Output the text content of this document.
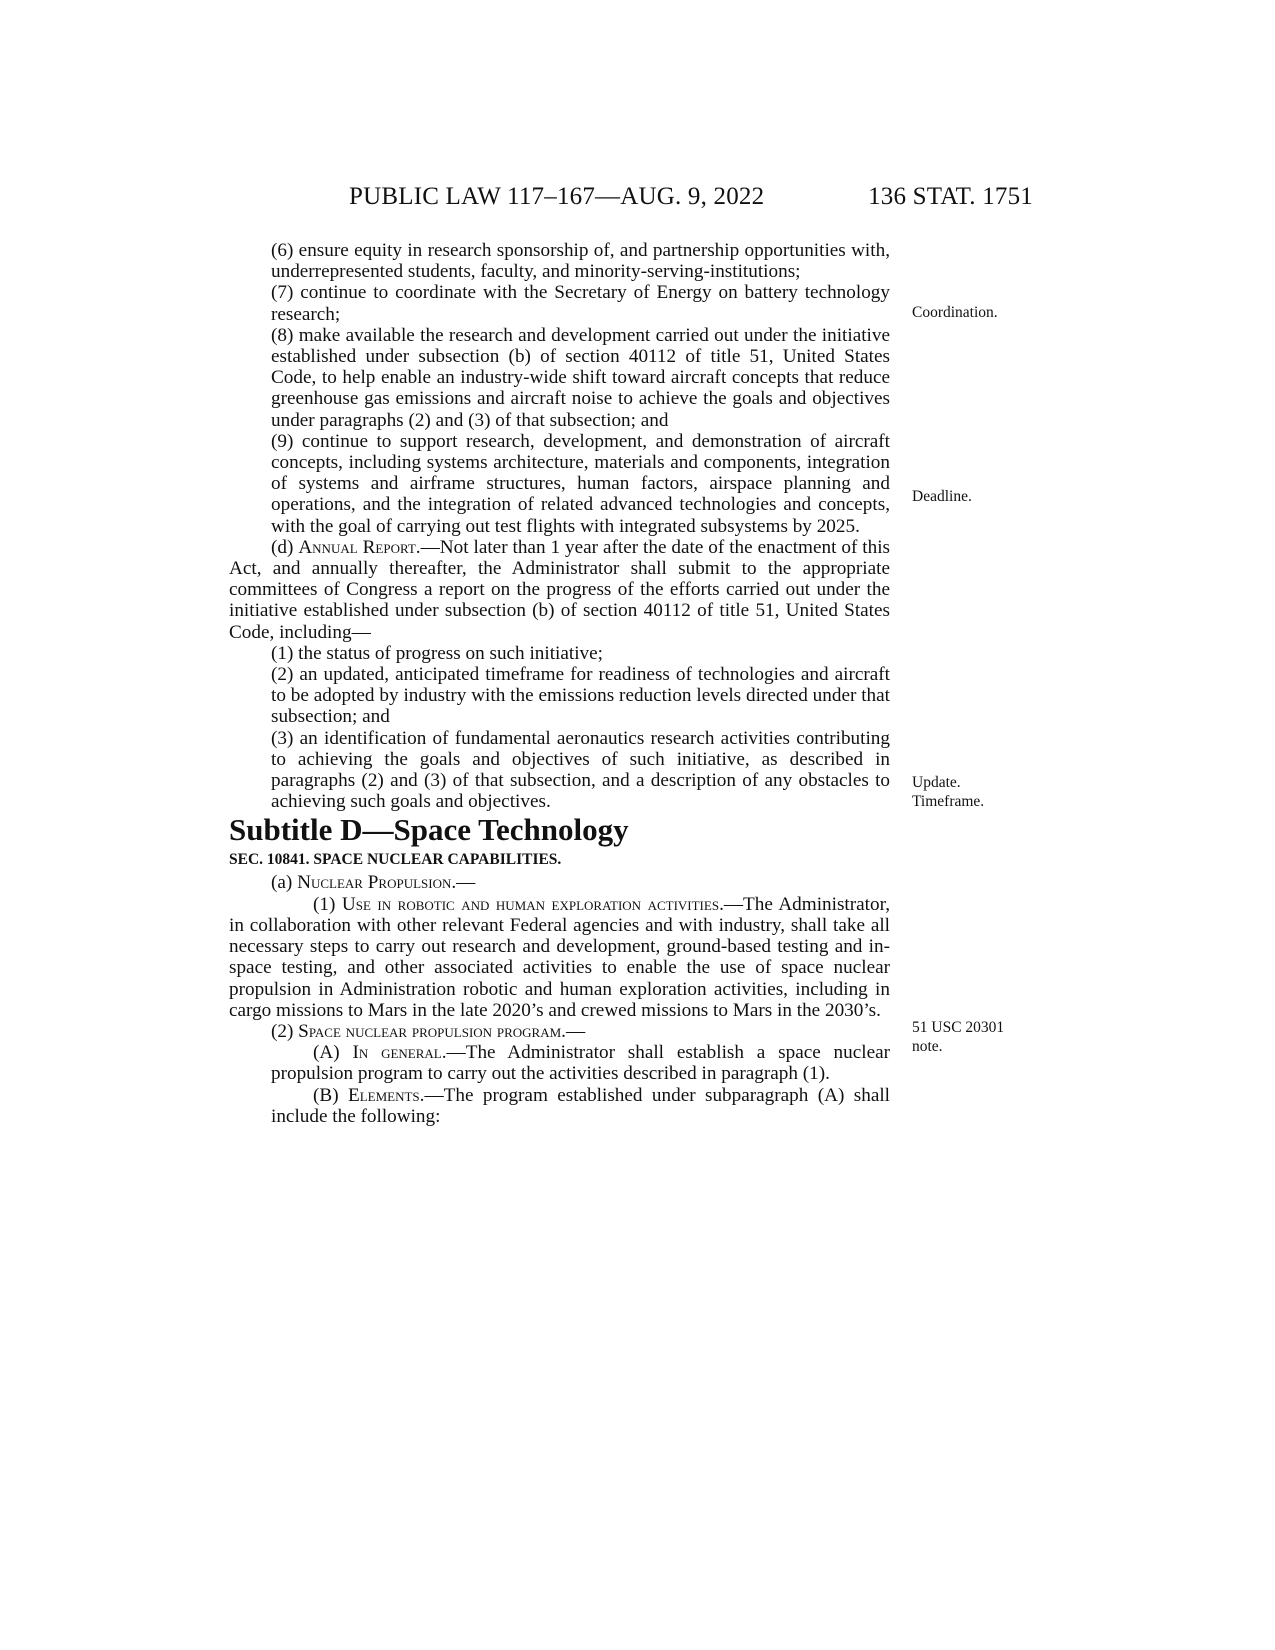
PUBLIC LAW 117–167—AUG. 9, 2022	136 STAT. 1751

(6) ensure equity in research sponsorship of, and partnership opportunities with, underrepresented students, faculty, and minority-serving-institutions;

(7) continue to coordinate with the Secretary of Energy on battery technology research;

(8) make available the research and development carried out under the initiative established under subsection (b) of section 40112 of title 51, United States Code, to help enable an industry-wide shift toward aircraft concepts that reduce greenhouse gas emissions and aircraft noise to achieve the goals and objectives under paragraphs (2) and (3) of that subsection; and

(9) continue to support research, development, and demonstration of aircraft concepts, including systems architecture, materials and components, integration of systems and airframe structures, human factors, airspace planning and operations, and the integration of related advanced technologies and concepts, with the goal of carrying out test flights with integrated subsystems by 2025.

(d) Annual Report.—Not later than 1 year after the date of the enactment of this Act, and annually thereafter, the Administrator shall submit to the appropriate committees of Congress a report on the progress of the efforts carried out under the initiative established under subsection (b) of section 40112 of title 51, United States Code, including—

(1) the status of progress on such initiative;

(2) an updated, anticipated timeframe for readiness of technologies and aircraft to be adopted by industry with the emissions reduction levels directed under that subsection; and

(3) an identification of fundamental aeronautics research activities contributing to achieving the goals and objectives of such initiative, as described in paragraphs (2) and (3) of that subsection, and a description of any obstacles to achieving such goals and objectives.

Subtitle D—Space Technology

SEC. 10841. SPACE NUCLEAR CAPABILITIES.

(a) Nuclear Propulsion.—

(1) Use in robotic and human exploration activities.—The Administrator, in collaboration with other relevant Federal agencies and with industry, shall take all necessary steps to carry out research and development, ground-based testing and in-space testing, and other associated activities to enable the use of space nuclear propulsion in Administration robotic and human exploration activities, including in cargo missions to Mars in the late 2020’s and crewed missions to Mars in the 2030’s.

(2) Space nuclear propulsion program.—

(A) In general.—The Administrator shall establish a space nuclear propulsion program to carry out the activities described in paragraph (1).

(B) Elements.—The program established under subparagraph (A) shall include the following:

Coordination.
Deadline.
Update.
Timeframe.
51 USC 20301
note.
